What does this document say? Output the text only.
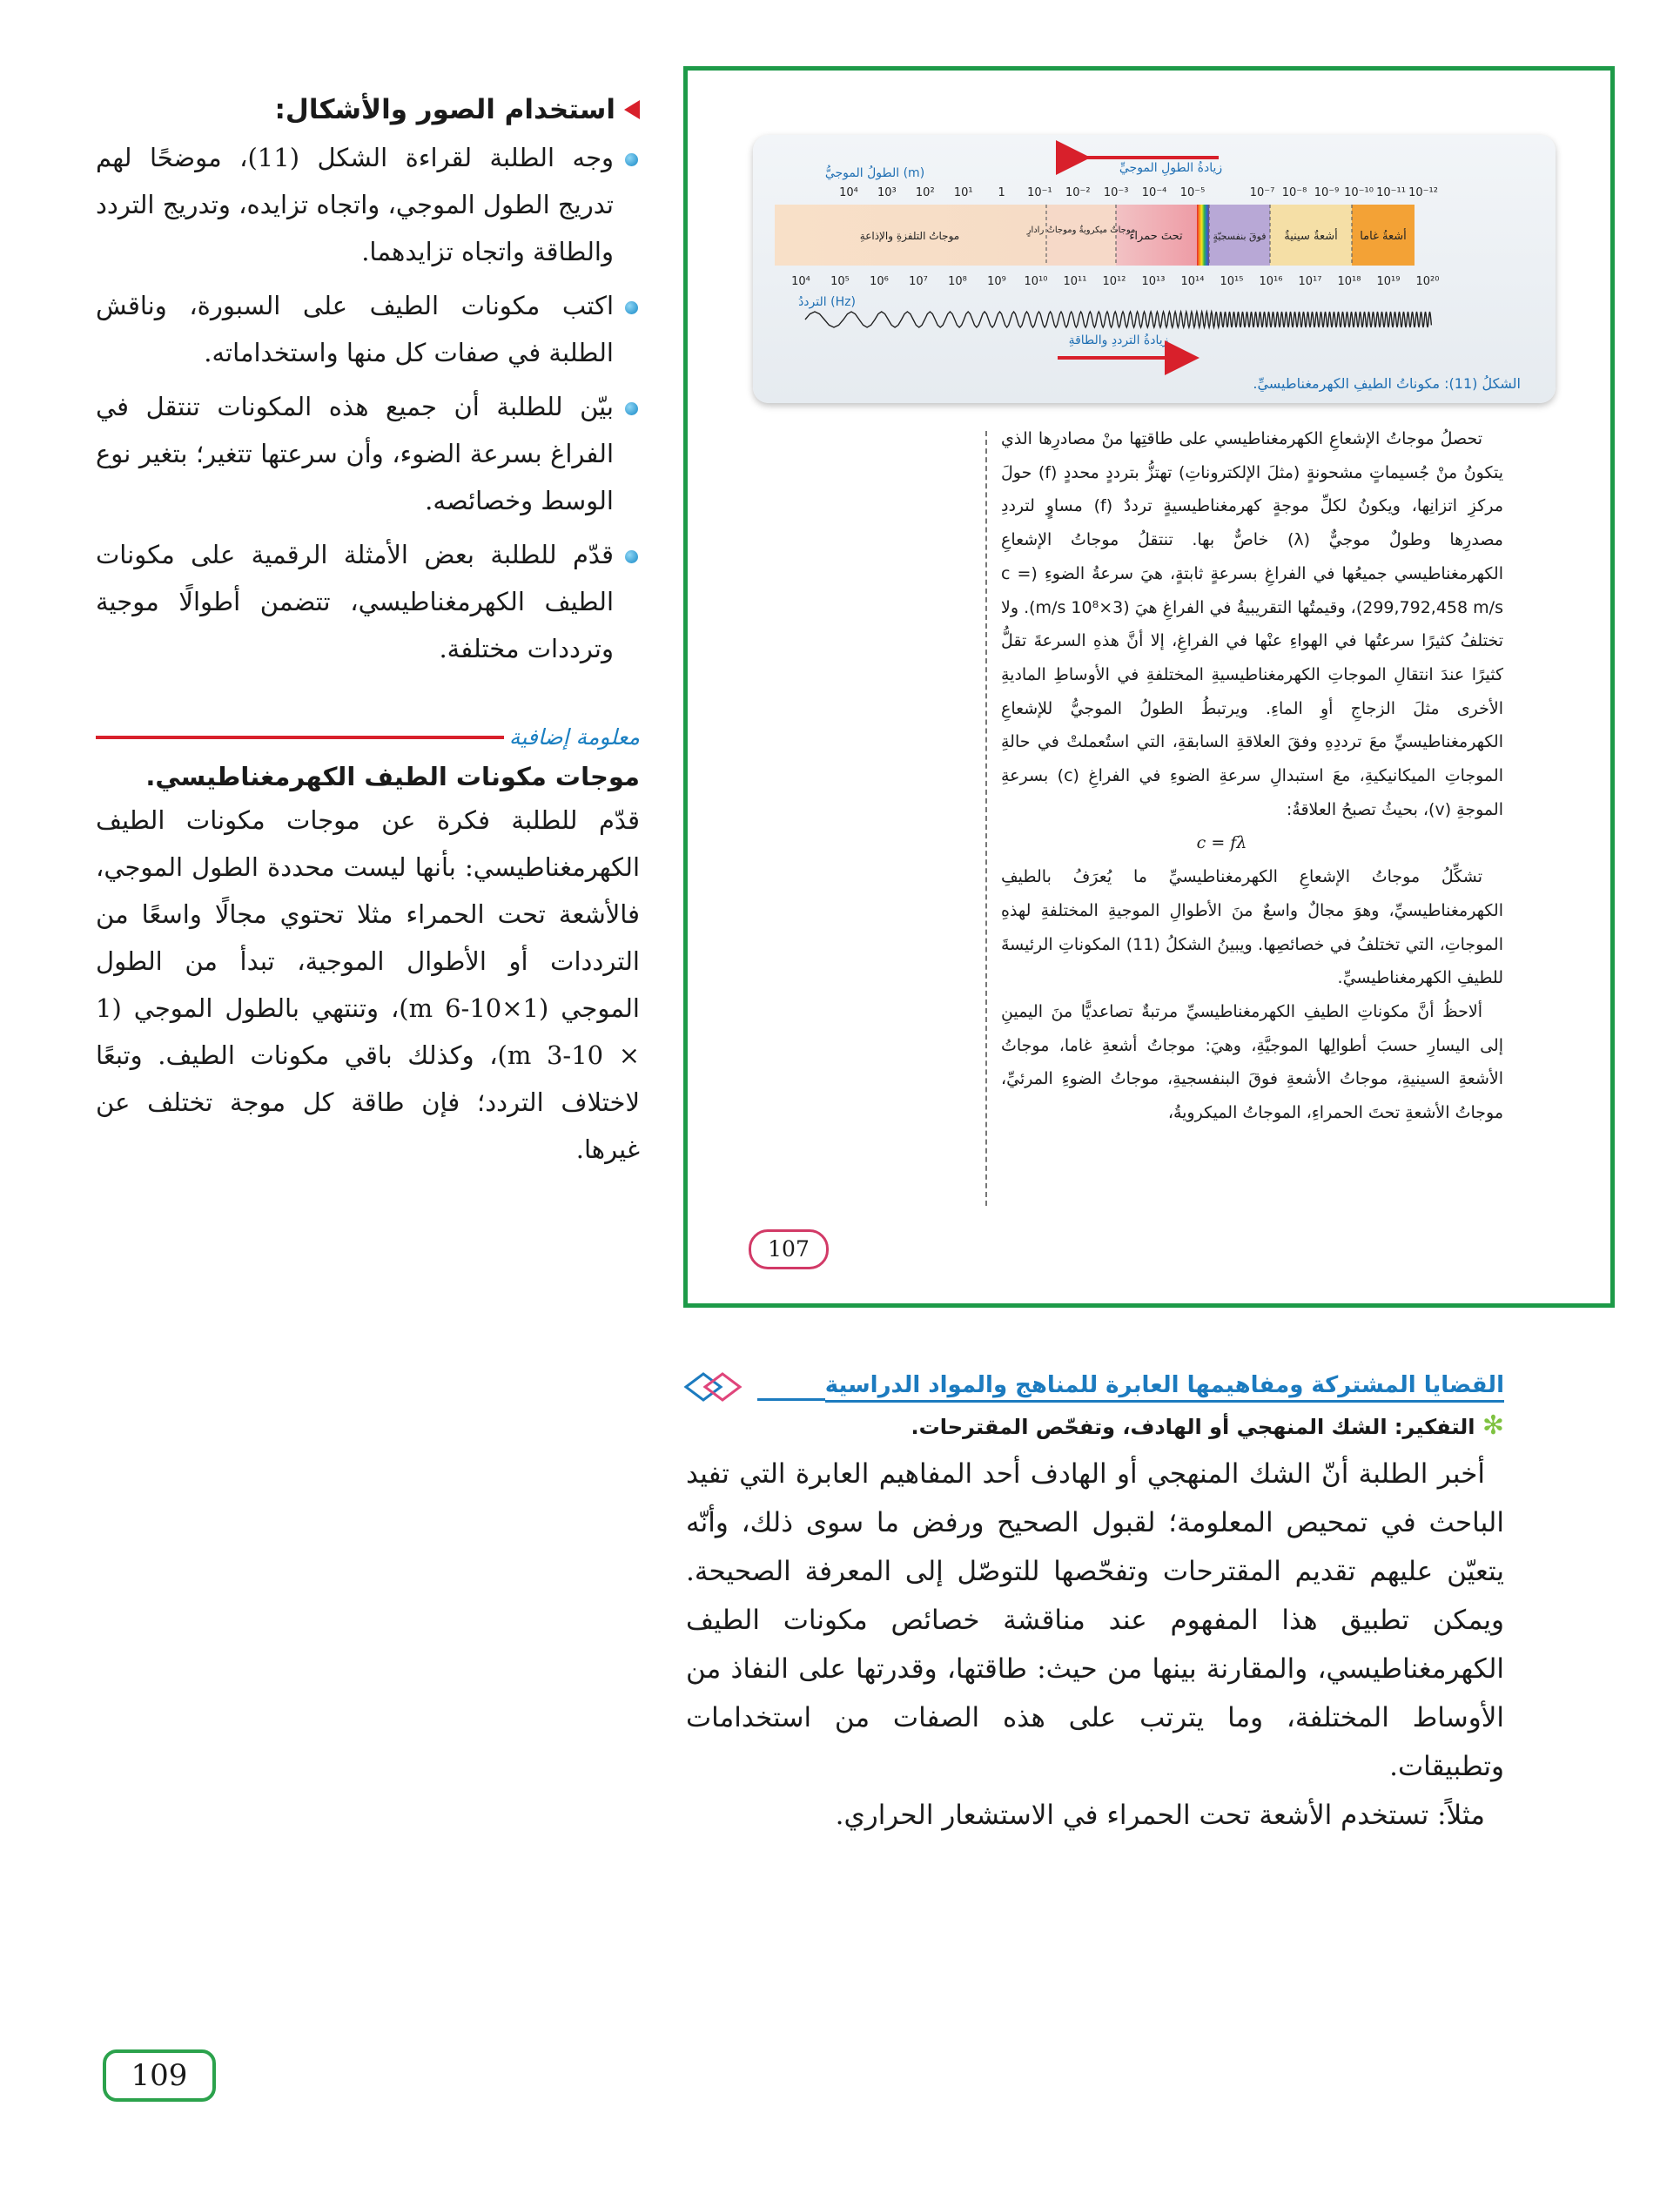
استخدام الصور والأشكال:
وجه الطلبة لقراءة الشكل (11)، موضحًا لهم تدريج الطول الموجي، واتجاه تزايده، وتدريج التردد والطاقة واتجاه تزايدهما.
اكتب مكونات الطيف على السبورة، وناقش الطلبة في صفات كل منها واستخداماته.
بيّن للطلبة أن جميع هذه المكونات تنتقل في الفراغ بسرعة الضوء، وأن سرعتها تتغير؛ بتغير نوع الوسط وخصائصه.
قدّم للطلبة بعض الأمثلة الرقمية على مكونات الطيف الكهرمغناطيسي، تتضمن أطوالًا موجية وترددات مختلفة.
معلومة إضافية
موجات مكونات الطيف الكهرمغناطيسي.
قدّم للطلبة فكرة عن موجات مكونات الطيف الكهرمغناطيسي: بأنها ليست محددة الطول الموجي، فالأشعة تحت الحمراء مثلا تحتوي مجالًا واسعًا من الترددات أو الأطوال الموجية، تبدأ من الطول الموجي (1×10-6 m)، وتنتهي بالطول الموجي (1 × 10-3 m)، وكذلك باقي مكونات الطيف. وتبعًا لاختلاف التردد؛ فإن طاقة كل موجة تختلف عن غيرها.
(m) الطولُ الموجيُّ	زيادةُ الطولِ الموجيِّ
10⁴ 10³ 10² 10¹ 1 10⁻¹ 10⁻² 10⁻³ 10⁻⁴ 10⁻⁵	10⁻⁷ 10⁻⁸ 10⁻⁹ 10⁻¹⁰ 10⁻¹¹ 10⁻¹²
موجاتُ التلفزةِ والإذاعةِ	موجاتٌ ميكرويةٌ وموجاتُ رادارٍ
تحتَ حمراءَ	فوقَ بنفسجيّةٍ أشعةٌ سينيةٌ أشعةُ غاما
10⁴ 10⁵ 10⁶ 10⁷ 10⁸ 10⁹ 10¹⁰ 10¹¹ 10¹² 10¹³ 10¹⁴ 10¹⁵ 10¹⁶ 10¹⁷ 10¹⁸ 10¹⁹ 10²⁰
(Hz) الترددُ
زيادةُ الترددِ والطاقةِ
الشكلُ (11): مكوناتُ الطيفِ الكهرمغناطيسيِّ.

تحصلُ موجاتُ الإشعاعِ الكهرمغناطيسي على طاقتِها منْ مصادرِها الذي يتكونُ منْ جُسيماتٍ مشحونةٍ (مثلَ الإلكتروناتِ) تهتزُّ بترددٍ محددٍ (f) حولَ مركزِ اتزانِها، ويكونُ لكلِّ موجةٍ كهرمغناطيسيةٍ ترددٌ (f) مساوٍ لترددِ مصدرِها وطولٌ موجيٌّ (λ) خاصٌّ بها. تنتقلُ موجاتُ الإشعاعِ الكهرمغناطيسي جميعُها في الفراغِ بسرعةٍ ثابتةٍ، هيَ سرعةُ الضوءِ (c = 299,792,458 m/s)، وقيمتُها التقريبيةُ في الفراغِ هيَ (3×10⁸ m/s). ولا تختلفُ كثيرًا سرعتُها في الهواءِ عنْها في الفراغِ، إلا أنَّ هذهِ السرعةَ تقلُّ كثيرًا عندَ انتقالِ الموجاتِ الكهرمغناطيسيةِ المختلفةِ في الأوساطِ الماديةِ الأخرى مثلَ الزجاجِ أوِ الماءِ. ويرتبطُ الطولُ الموجيُّ للإشعاعِ الكهرمغناطيسيِّ معَ ترددِهِ وفقَ العلاقةِ السابقةِ، التي استُعملتْ في حالةِ الموجاتِ الميكانيكيةِ، معَ استبدالِ سرعةِ الضوءِ في الفراغِ (c) بسرعةِ الموجةِ (v)، بحيثُ تصبحُ العلاقةُ:

c = fλ

تشكِّلُ موجاتُ الإشعاعِ الكهرمغناطيسيِّ ما يُعرَفُ بالطيفِ الكهرمغناطيسيِّ، وهوَ مجالٌ واسعٌ منَ الأطوالِ الموجيةِ المختلفةِ لهذهِ الموجاتِ، التي تختلفُ في خصائصِها. ويبينُ الشكلُ (11) المكوناتِ الرئيسةَ للطيفِ الكهرمغناطيسيِّ.

ألاحظُ أنَّ مكوناتِ الطيفِ الكهرمغناطيسيِّ مرتبةٌ تصاعديًّا منَ اليمينِ إلى اليسارِ حسبَ أطوالِها الموجيَّةِ، وهيَ: موجاتُ أشعةِ غاما، موجاتُ الأشعةِ السينيةِ، موجاتُ الأشعةِ فوقَ البنفسجيةِ، موجاتُ الضوءِ المرئيِّ، موجاتُ الأشعةِ تحتَ الحمراءِ، الموجاتُ الميكرويةُ،

107
القضايا المشتركة ومفاهيمها العابرة للمناهج والمواد الدراسية
✻ التفكير: الشك المنهجي أو الهادف، وتفحّص المقترحات.

أخبر الطلبة أنّ الشك المنهجي أو الهادف أحد المفاهيم العابرة التي تفيد الباحث في تمحيص المعلومة؛ لقبول الصحيح ورفض ما سوى ذلك، وأنّه يتعيّن عليهم تقديم المقترحات وتفحّصها للتوصّل إلى المعرفة الصحيحة. ويمكن تطبيق هذا المفهوم عند مناقشة خصائص مكونات الطيف الكهرمغناطيسي، والمقارنة بينها من حيث: طاقتها، وقدرتها على النفاذ من الأوساط المختلفة، وما يترتب على هذه الصفات من استخدامات وتطبيقات.

مثلاً: تستخدم الأشعة تحت الحمراء في الاستشعار الحراري.

109
